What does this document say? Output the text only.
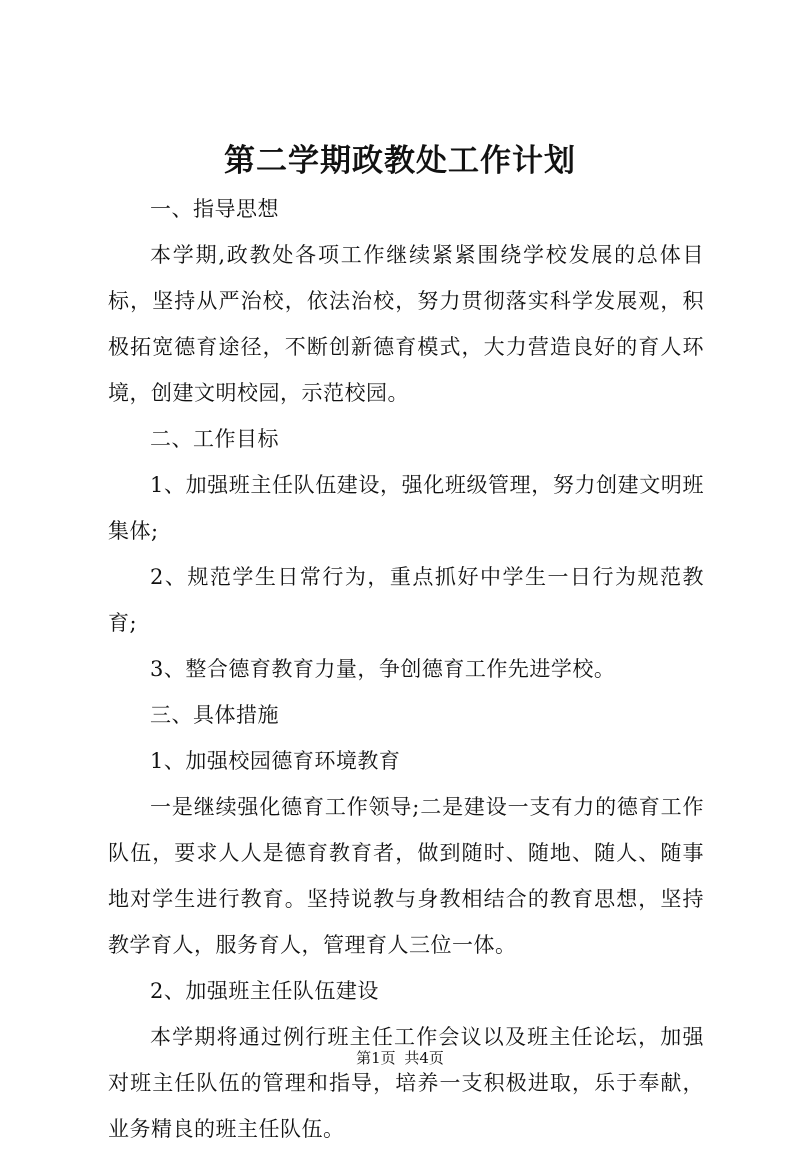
第二学期政教处工作计划

一、指导思想

本学期,政教处各项工作继续紧紧围绕学校发展的总体目标，坚持从严治校，依法治校，努力贯彻落实科学发展观，积极拓宽德育途径，不断创新德育模式，大力营造良好的育人环境，创建文明校园，示范校园。

二、工作目标

1、加强班主任队伍建设，强化班级管理，努力创建文明班集体;

2、规范学生日常行为，重点抓好中学生一日行为规范教育;

3、整合德育教育力量，争创德育工作先进学校。

三、具体措施

1、加强校园德育环境教育

一是继续强化德育工作领导;二是建设一支有力的德育工作队伍，要求人人是德育教育者，做到随时、随地、随人、随事地对学生进行教育。坚持说教与身教相结合的教育思想，坚持教学育人，服务育人，管理育人三位一体。

2、加强班主任队伍建设

本学期将通过例行班主任工作会议以及班主任论坛，加强对班主任队伍的管理和指导，培养一支积极进取，乐于奉献，业务精良的班主任队伍。

第1页 共4页
